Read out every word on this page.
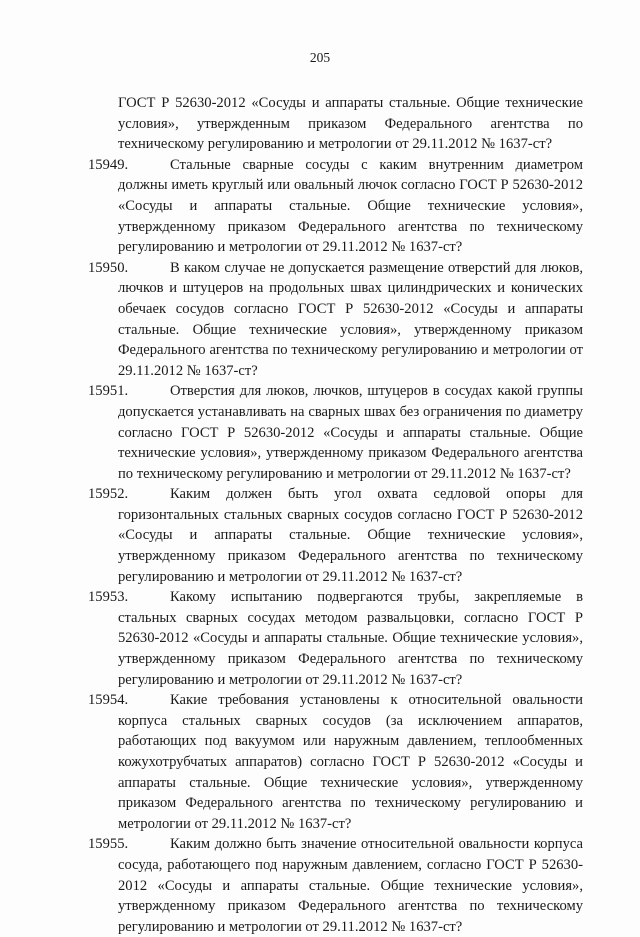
205

ГОСТ Р 52630-2012 «Сосуды и аппараты стальные. Общие технические условия», утвержденным приказом Федерального агентства по техническому регулированию и метрологии от 29.11.2012 № 1637-ст?

15949.	Стальные сварные сосуды с каким внутренним диаметром должны иметь круглый или овальный лючок согласно ГОСТ Р 52630-2012 «Сосуды и аппараты стальные. Общие технические условия», утвержденному приказом Федерального агентства по техническому регулированию и метрологии от 29.11.2012 № 1637-ст?

15950.	В каком случае не допускается размещение отверстий для люков, лючков и штуцеров на продольных швах цилиндрических и конических обечаек сосудов согласно ГОСТ Р 52630-2012 «Сосуды и аппараты стальные. Общие технические условия», утвержденному приказом Федерального агентства по техническому регулированию и метрологии от 29.11.2012 № 1637-ст?

15951.	Отверстия для люков, лючков, штуцеров в сосудах какой группы допускается устанавливать на сварных швах без ограничения по диаметру согласно ГОСТ Р 52630-2012 «Сосуды и аппараты стальные. Общие технические условия», утвержденному приказом Федерального агентства по техническому регулированию и метрологии от 29.11.2012 № 1637-ст?

15952.	Каким должен быть угол охвата седловой опоры для горизонтальных стальных сварных сосудов согласно ГОСТ Р 52630-2012 «Сосуды и аппараты стальные. Общие технические условия», утвержденному приказом Федерального агентства по техническому регулированию и метрологии от 29.11.2012 № 1637-ст?

15953.	Какому испытанию подвергаются трубы, закрепляемые в стальных сварных сосудах методом развальцовки, согласно ГОСТ Р 52630-2012 «Сосуды и аппараты стальные. Общие технические условия», утвержденному приказом Федерального агентства по техническому регулированию и метрологии от 29.11.2012 № 1637-ст?

15954.	Какие требования установлены к относительной овальности корпуса стальных сварных сосудов (за исключением аппаратов, работающих под вакуумом или наружным давлением, теплообменных кожухотрубчатых аппаратов) согласно ГОСТ Р 52630-2012 «Сосуды и аппараты стальные. Общие технические условия», утвержденному приказом Федерального агентства по техническому регулированию и метрологии от 29.11.2012 № 1637-ст?

15955.	Каким должно быть значение относительной овальности корпуса сосуда, работающего под наружным давлением, согласно ГОСТ Р 52630-2012 «Сосуды и аппараты стальные. Общие технические условия», утвержденному приказом Федерального агентства по техническому регулированию и метрологии от 29.11.2012 № 1637-ст?
